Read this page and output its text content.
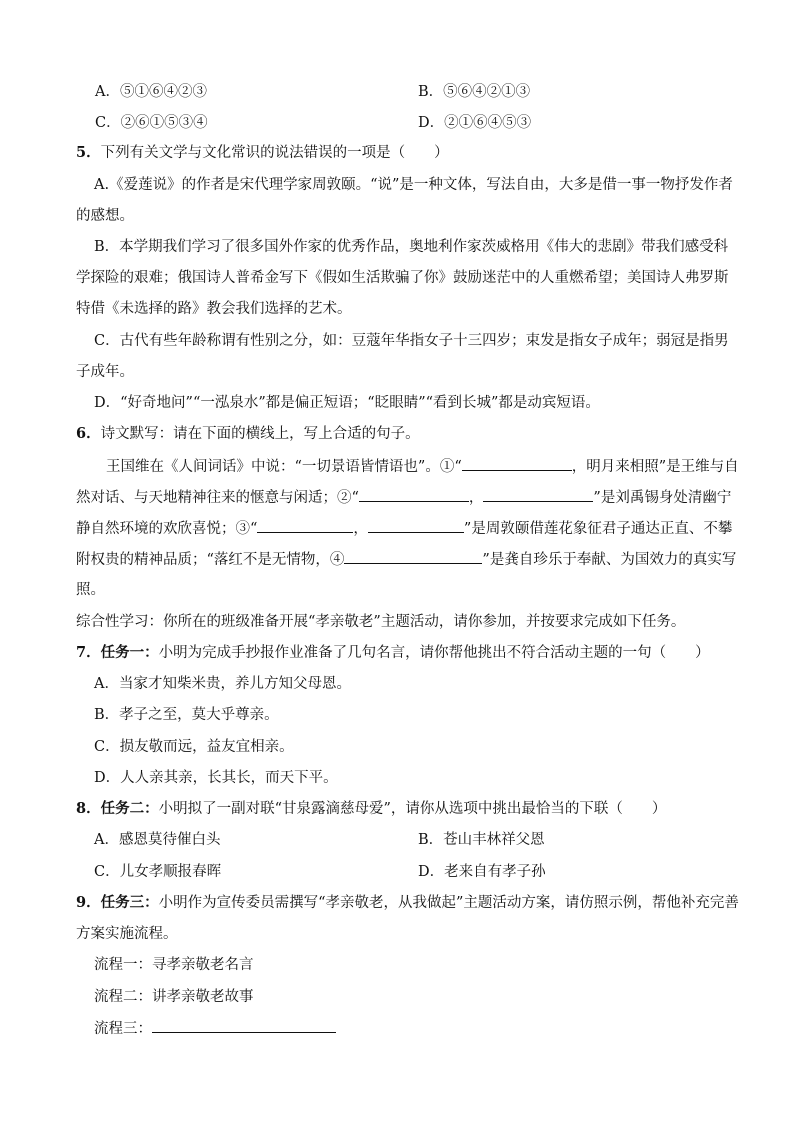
A．⑤①⑥④②③	B．⑤⑥④②①③
C．②⑥①⑤③④	D．②①⑥④⑤③
5．下列有关文学与文化常识的说法错误的一项是（　　）
A.《爱莲说》的作者是宋代理学家周敦颐。“说”是一种文体，写法自由，大多是借一事一物抒发作者
的感想。
B．本学期我们学习了很多国外作家的优秀作品，奥地利作家茨威格用《伟大的悲剧》带我们感受科
学探险的艰难；俄国诗人普希金写下《假如生活欺骗了你》鼓励迷茫中的人重燃希望；美国诗人弗罗斯
特借《未选择的路》教会我们选择的艺术。
C．古代有些年龄称谓有性别之分，如：豆蔻年华指女子十三四岁；束发是指女子成年；弱冠是指男
子成年。
D．“好奇地问”“一泓泉水”都是偏正短语；“眨眼睛”“看到长城”都是动宾短语。
6．诗文默写：请在下面的横线上，写上合适的句子。
王国维在《人间词话》中说：“一切景语皆情语也”。①“	，明月来相照”是王维与自
然对话、与天地精神往来的惬意与闲适；②“	，	”是刘禹锡身处清幽宁
静自然环境的欢欣喜悦；③“	，	”是周敦颐借莲花象征君子通达正直、不攀
附权贵的精神品质；“落红不是无情物，④	”是龚自珍乐于奉献、为国效力的真实写
照。
综合性学习：你所在的班级准备开展“孝亲敬老”主题活动，请你参加，并按要求完成如下任务。
7．任务一：小明为完成手抄报作业准备了几句名言，请你帮他挑出不符合活动主题的一句（　　）
A．当家才知柴米贵，养儿方知父母恩。
B．孝子之至，莫大乎尊亲。
C．损友敬而远，益友宜相亲。
D．人人亲其亲，长其长，而天下平。
8．任务二：小明拟了一副对联“甘泉露滴慈母爱”，请你从选项中挑出最恰当的下联（　　）
A．感恩莫待催白头	B．苍山丰林祥父恩
C．儿女孝顺报春晖	D．老来自有孝子孙
9．任务三：小明作为宣传委员需撰写“孝亲敬老，从我做起”主题活动方案，请仿照示例，帮他补充完善
方案实施流程。
流程一：寻孝亲敬老名言
流程二：讲孝亲敬老故事
流程三：
